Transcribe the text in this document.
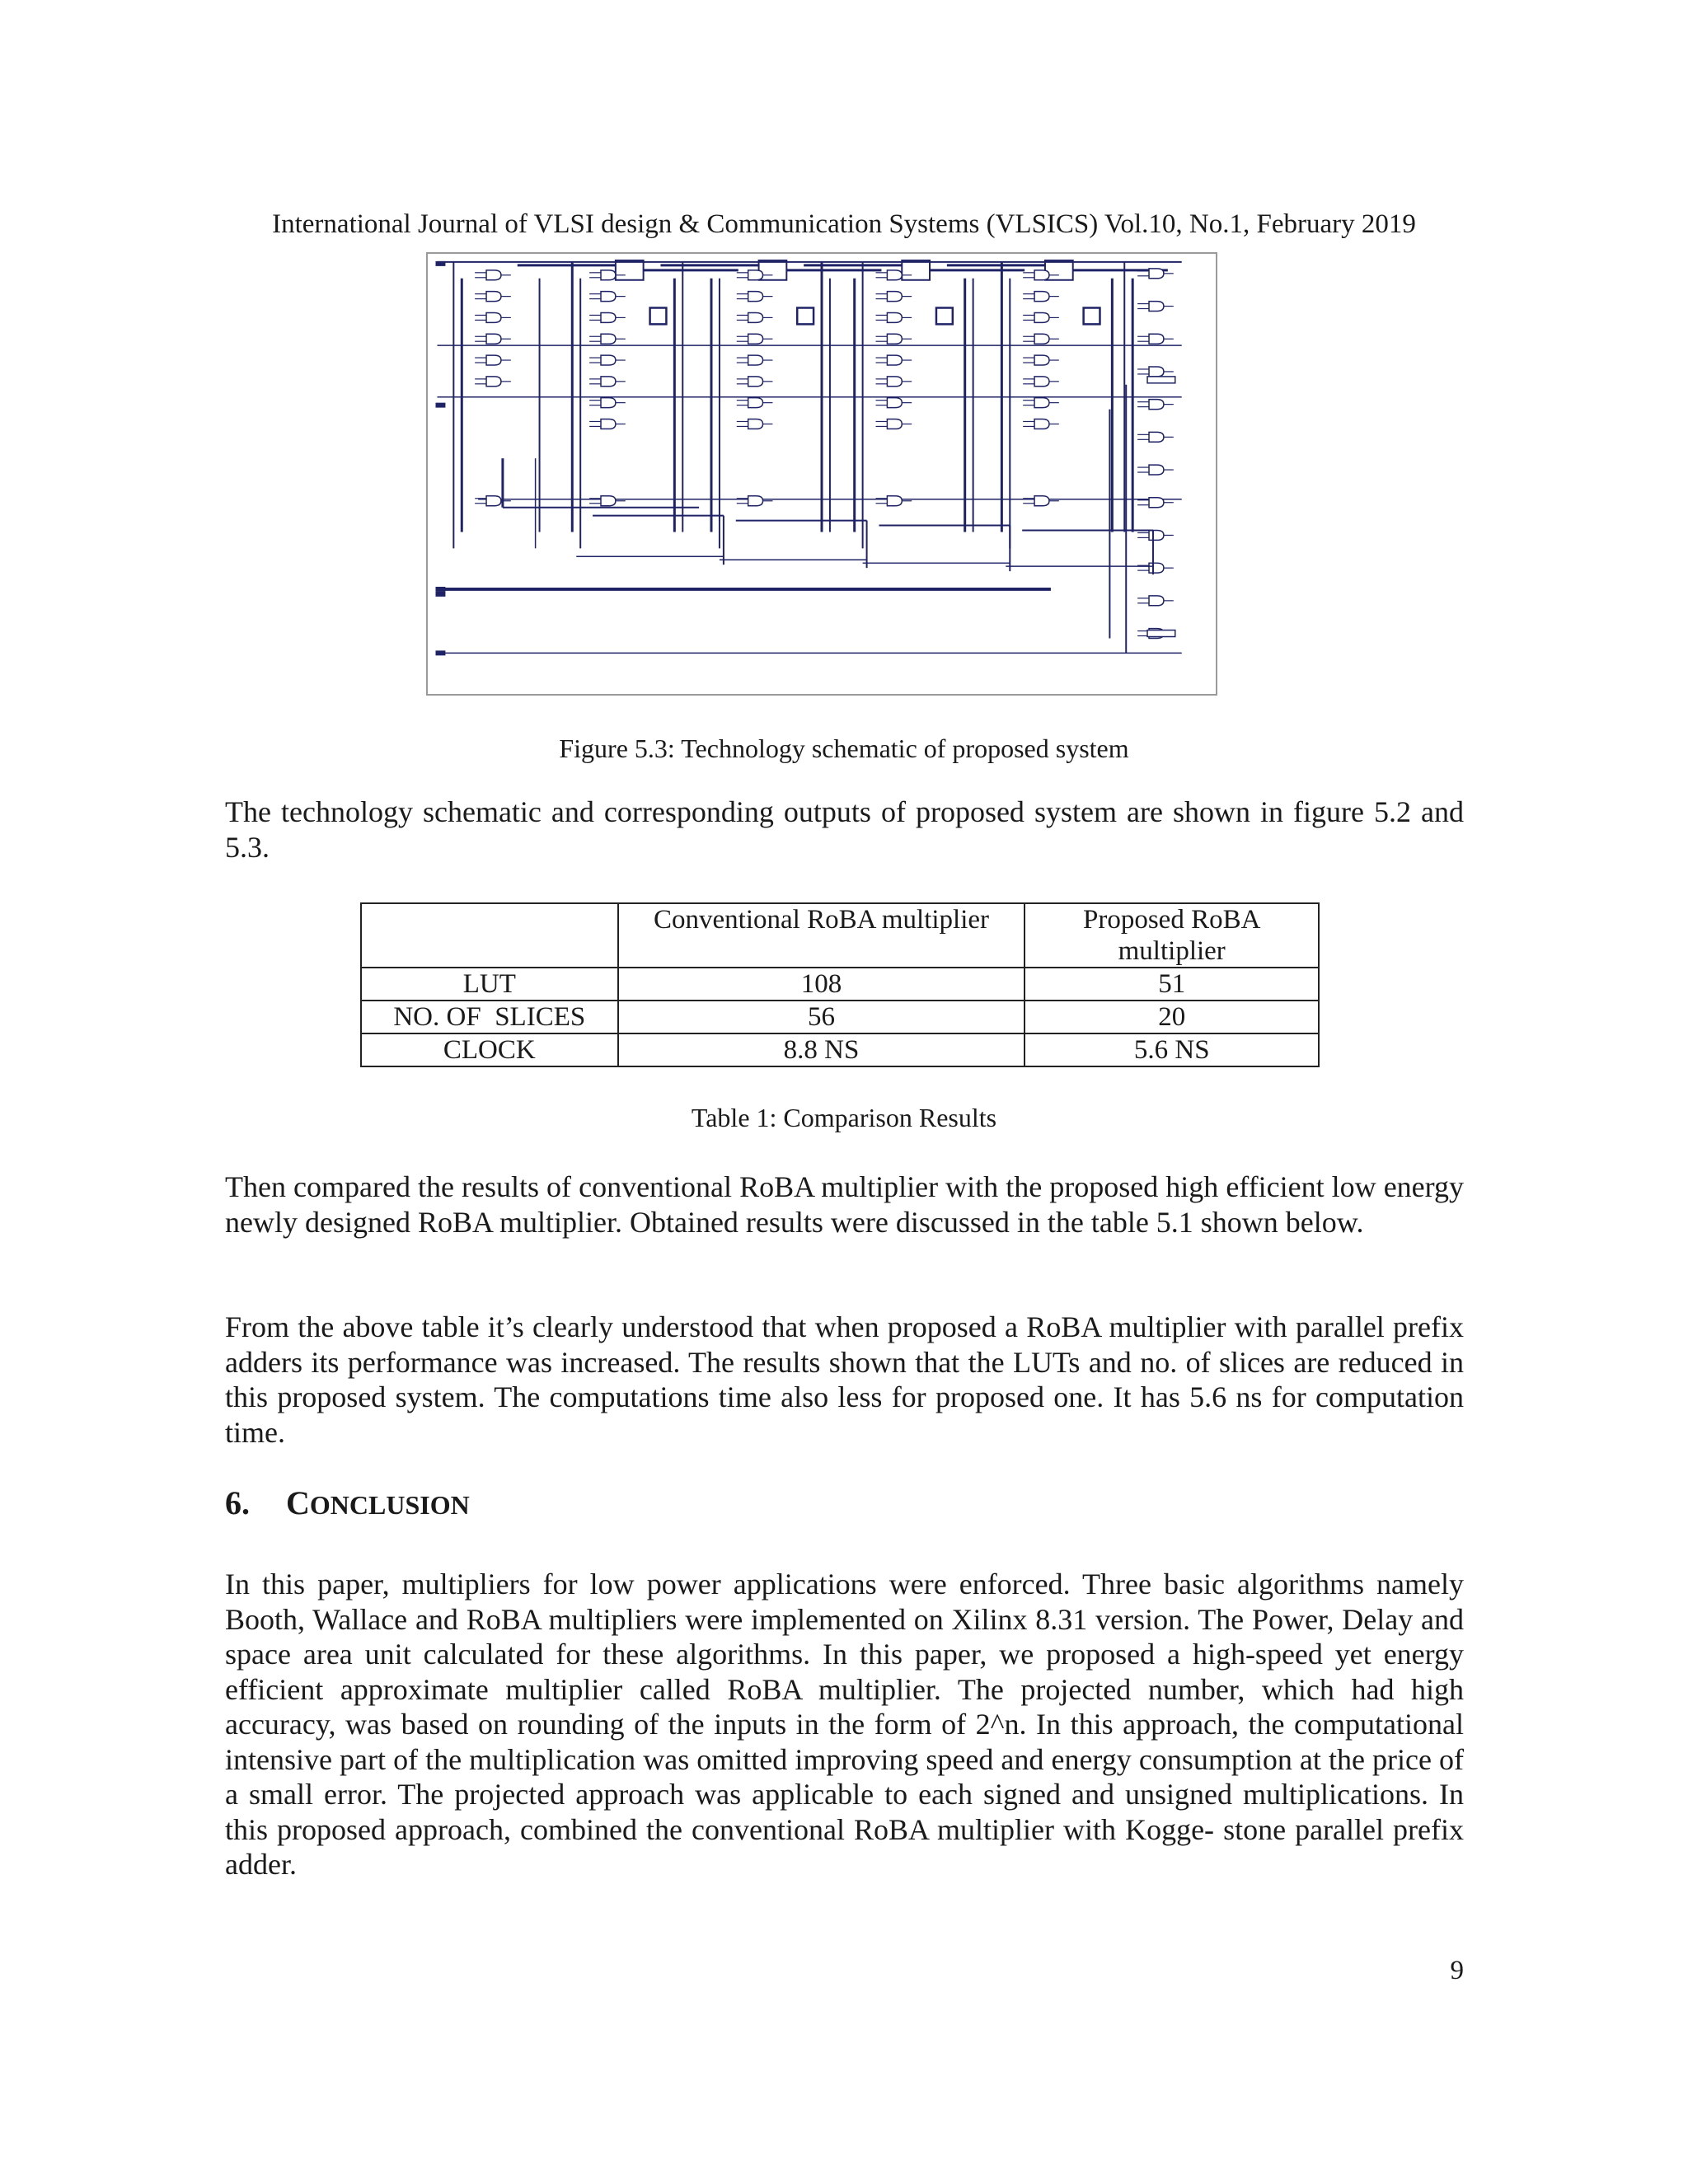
International Journal of VLSI design & Communication Systems (VLSICS) Vol.10, No.1, February 2019
Figure 5.3: Technology schematic of proposed system

The technology schematic and corresponding outputs of proposed system are shown in figure 5.2 and 5.3.

	Conventional RoBA multiplier	Proposed RoBA multiplier
LUT	108	51
NO. OF  SLICES	56	20
CLOCK	8.8 NS	5.6 NS
Table 1: Comparison Results

Then compared the results of conventional RoBA multiplier with the proposed high efficient low energy newly designed RoBA multiplier. Obtained results were discussed in the table 5.1 shown below.

From the above table it’s clearly understood that when proposed a RoBA multiplier with parallel prefix adders its performance was increased. The results shown that the LUTs and no. of slices are reduced in this proposed system. The computations time also less for proposed one. It has 5.6 ns for computation time.

6. CONCLUSION

In this paper, multipliers for low power applications were enforced. Three basic algorithms namely Booth, Wallace and RoBA multipliers were implemented on Xilinx 8.31 version. The Power, Delay and space area unit calculated for these algorithms. In this paper, we proposed a high-speed yet energy efficient approximate multiplier called RoBA multiplier. The projected number, which had high accuracy, was based on rounding of the inputs in the form of 2^n. In this approach, the computational intensive part of the multiplication was omitted improving speed and energy consumption at the price of a small error. The projected approach was applicable to each signed and unsigned multiplications. In this proposed approach, combined the conventional RoBA multiplier with Kogge- stone parallel prefix adder.

9
